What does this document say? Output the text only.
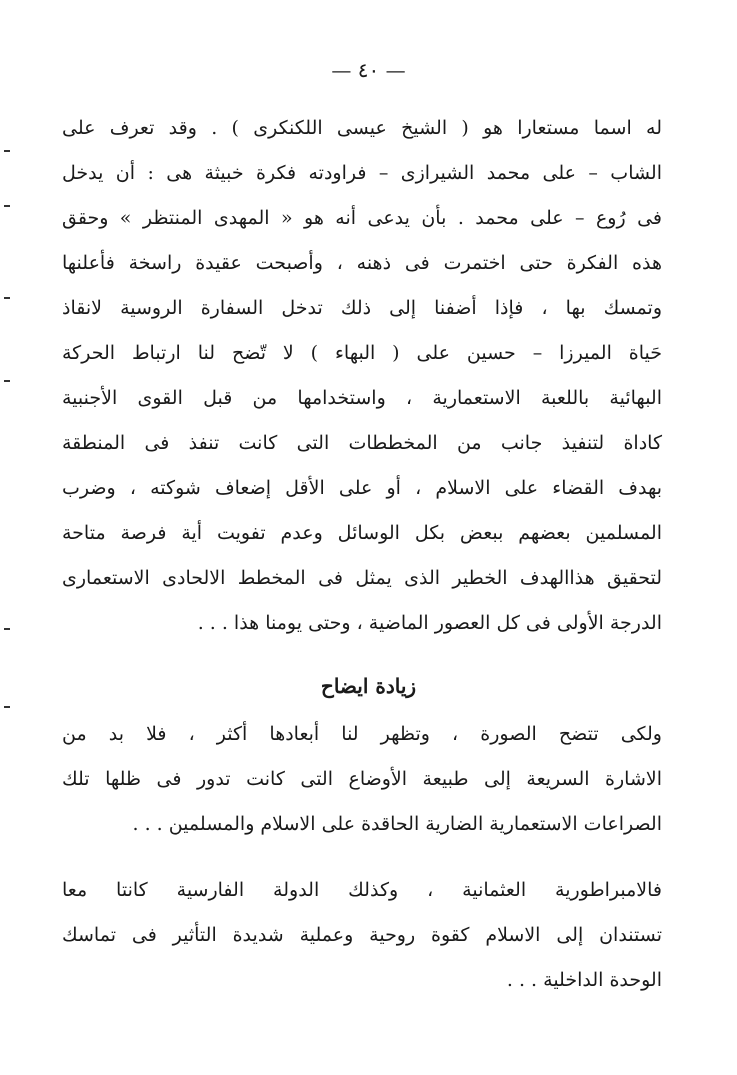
— ٤٠ —
له اسما مستعارا هو ( الشيخ عيسى اللكنكرى ) . وقد تعرف على
الشاب – على محمد الشيرازى – فراودته فكرة خبيثة هى : أن يدخل
فى رُوع – على محمد . بأن يدعى أنه هو « المهدى المنتظر » وحقق
هذه الفكرة حتى اختمرت فى ذهنه ، وأصبحت عقيدة راسخة فأعلنها
وتمسك بها ، فإذا أضفنا إلى ذلك تدخل السفارة الروسية لانقاذ
حَياة الميرزا – حسين على ( البهاء ) لا تّضح لنا ارتباط الحركة
البهائية باللعبة الاستعمارية ، واستخدامها من قبل القوى الأجنبية
كاداة لتنفيذ جانب من المخططات التى كانت تنفذ فى المنطقة
بهدف القضاء على الاسلام ، أو على الأقل إضعاف شوكته ، وضرب
المسلمين بعضهم ببعض بكل الوسائل وعدم تفويت أية فرصة متاحة
لتحقيق هذاالهدف الخطير الذى يمثل فى المخطط الالحادى الاستعمارى
الدرجة الأولى فى كل العصور الماضية ، وحتى يومنا هذا . . .
زيادة ايضاح
ولكى تتضح الصورة ، وتظهر لنا أبعادها أكثر ، فلا بد من
الاشارة السريعة إلى طبيعة الأوضاع التى كانت تدور فى ظلها تلك
الصراعات الاستعمارية الضارية الحاقدة على الاسلام والمسلمين . . .
فالامبراطورية العثمانية ، وكذلك الدولة الفارسية كانتا معا
تستندان إلى الاسلام كقوة روحية وعملية شديدة التأثير فى تماسك
الوحدة الداخلية . . .
